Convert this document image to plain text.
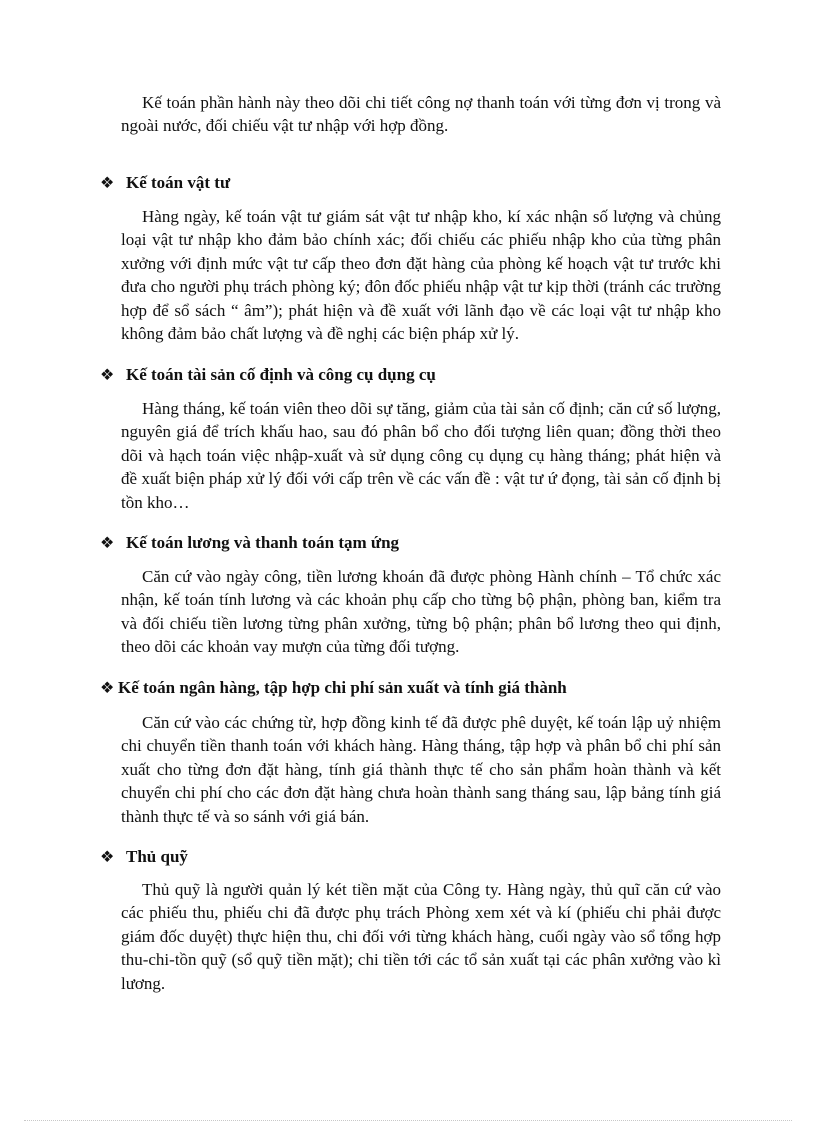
Kế toán phần hành này theo dõi chi tiết công nợ thanh toán với từng đơn vị trong và ngoài nước, đối chiếu vật tư nhập với hợp đồng.

❖ Kế toán vật tư

Hàng ngày, kế toán vật tư giám sát vật tư nhập kho, kí xác nhận số lượng và chủng loại vật tư nhập kho đảm bảo chính xác; đối chiếu các phiếu nhập kho của từng phân xưởng với định mức vật tư cấp theo đơn đặt hàng của phòng kế hoạch vật tư trước khi đưa cho người phụ trách phòng ký; đôn đốc phiếu nhập vật tư kịp thời (tránh các trường hợp để sổ sách “ âm”); phát hiện và đề xuất với lãnh đạo về các loại vật tư nhập kho không đảm bảo chất lượng và đề nghị các biện pháp xử lý.

❖ Kế toán tài sản cố định và công cụ dụng cụ

Hàng tháng, kế toán viên theo dõi sự tăng, giảm của tài sản cố định; căn cứ số lượng, nguyên giá để trích khấu hao, sau đó phân bổ cho đối tượng liên quan; đồng thời theo dõi và hạch toán việc nhập-xuất và sử dụng công cụ dụng cụ hàng tháng; phát hiện và đề xuất biện pháp xử lý đối với cấp trên về các vấn đề : vật tư ứ đọng, tài sản cố định bị tồn kho…

❖ Kế toán lương và thanh toán tạm ứng

Căn cứ vào ngày công, tiền lương khoán đã được phòng Hành chính – Tổ chức xác nhận, kế toán tính lương và các khoản phụ cấp cho từng bộ phận, phòng ban, kiểm tra và đối chiếu tiền lương từng phân xưởng, từng bộ phận; phân bổ lương theo qui định, theo dõi các khoản vay mượn của từng đối tượng.

❖ Kế toán ngân hàng, tập hợp chi phí sản xuất và tính giá thành

Căn cứ vào các chứng từ, hợp đồng kinh tế đã được phê duyệt, kế toán lập uỷ nhiệm chi chuyển tiền thanh toán với khách hàng. Hàng tháng, tập hợp và phân bổ chi phí sản xuất cho từng đơn đặt hàng, tính giá thành thực tế cho sản phẩm hoàn thành và kết chuyển chi phí cho các đơn đặt hàng chưa hoàn thành sang tháng sau, lập bảng tính giá thành thực tế và so sánh với giá bán.

❖ Thủ quỹ

Thủ quỹ là người quản lý két tiền mặt của Công ty. Hàng ngày, thủ quĩ căn cứ vào các phiếu thu, phiếu chi đã được phụ trách Phòng xem xét và kí (phiếu chi phải được giám đốc duyệt) thực hiện thu, chi đối với từng khách hàng, cuối ngày vào sổ tổng hợp thu-chi-tồn quỹ (sổ quỹ tiền mặt); chi tiền tới các tổ sản xuất tại các phân xưởng vào kì lương.
